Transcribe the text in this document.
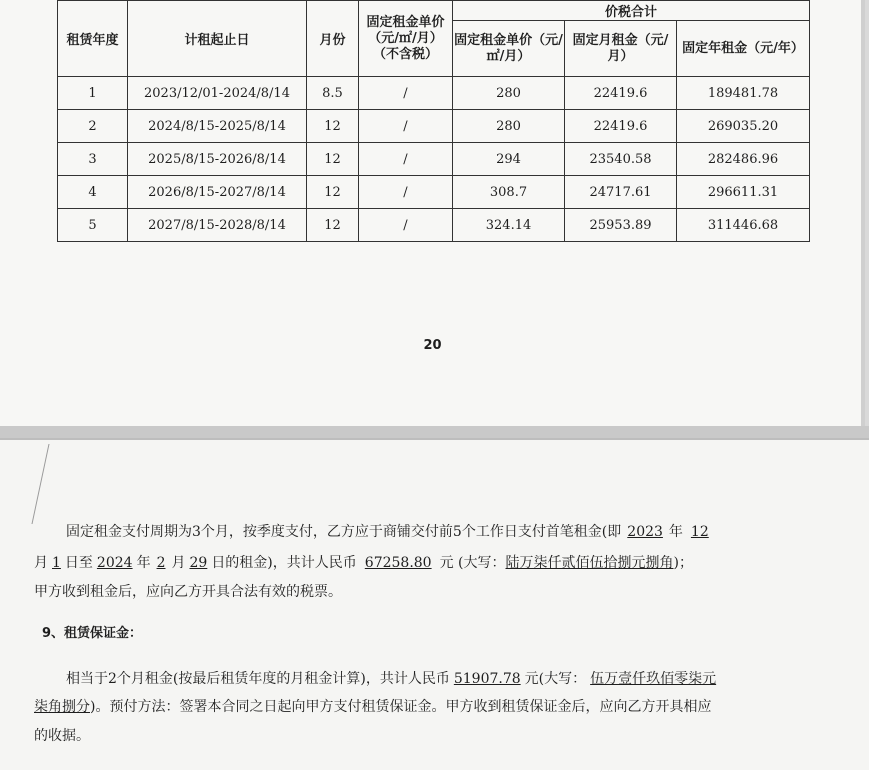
租赁年度	计租起止日	月份	固定租金单价（元/㎡/月）（不含税）	价税合计		
				固定租金单价（元/㎡/月）	固定月租金（元/月）	固定年租金（元/年）
1	2023/12/01-2024/8/14	8.5	/	280	22419.6	189481.78
2	2024/8/15-2025/8/14	12	/	280	22419.6	269035.20
3	2025/8/15-2026/8/14	12	/	294	23540.58	282486.96
4	2026/8/15-2027/8/14	12	/	308.7	24717.61	296611.31
5	2027/8/15-2028/8/14	12	/	324.14	25953.89	311446.68
20
固定租金支付周期为3个月，按季度支付，乙方应于商铺交付前5个工作日支付首笔租金(即 2023 年 12
月 1 日至 2024 年 2 月 29 日的租金)，共计人民币 67258.80 元 (大写：陆万柒仟贰佰伍拾捌元捌角)；
甲方收到租金后，应向乙方开具合法有效的税票。
9、租赁保证金：
相当于2个月租金(按最后租赁年度的月租金计算)，共计人民币 51907.78 元(大写： 伍万壹仟玖佰零柒元
柒角捌分)。预付方法：签署本合同之日起向甲方支付租赁保证金。甲方收到租赁保证金后，应向乙方开具相应
的收据。
